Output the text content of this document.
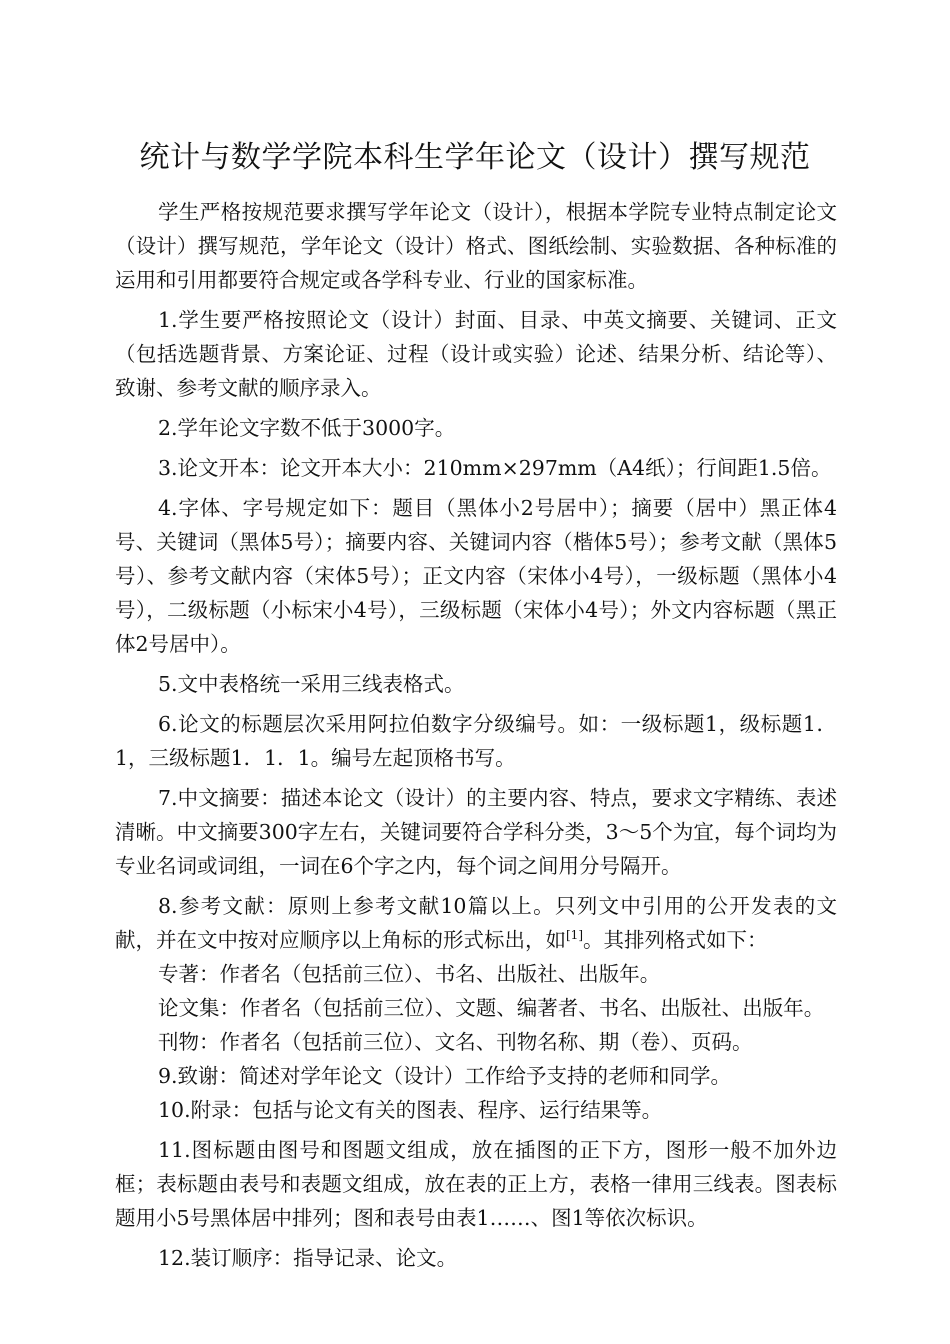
统计与数学学院本科生学年论文（设计）撰写规范

学生严格按规范要求撰写学年论文（设计），根据本学院专业特点制定论文（设计）撰写规范，学年论文（设计）格式、图纸绘制、实验数据、各种标准的运用和引用都要符合规定或各学科专业、行业的国家标准。

1.学生要严格按照论文（设计）封面、目录、中英文摘要、关键词、正文（包括选题背景、方案论证、过程（设计或实验）论述、结果分析、结论等）、致谢、参考文献的顺序录入。

2.学年论文字数不低于3000字。

3.论文开本：论文开本大小：210mm×297mm（A4纸）；行间距1.5倍。

4.字体、字号规定如下：题目（黑体小2号居中）；摘要（居中）黑正体4号、关键词（黑体5号）；摘要内容、关键词内容（楷体5号）；参考文献（黑体5号）、参考文献内容（宋体5号）；正文内容（宋体小4号），一级标题（黑体小4号），二级标题（小标宋小4号），三级标题（宋体小4号）；外文内容标题（黑正体2号居中）。

5.文中表格统一采用三线表格式。

6.论文的标题层次采用阿拉伯数字分级编号。如：一级标题1，级标题1．1，三级标题1．1．1。编号左起顶格书写。

7.中文摘要：描述本论文（设计）的主要内容、特点，要求文字精练、表述清晰。中文摘要300字左右，关键词要符合学科分类，3～5个为宜，每个词均为专业名词或词组，一词在6个字之内，每个词之间用分号隔开。

8.参考文献：原则上参考文献10篇以上。只列文中引用的公开发表的文献，并在文中按对应顺序以上角标的形式标出，如[1]。其排列格式如下：

专著：作者名（包括前三位）、书名、出版社、出版年。

论文集：作者名（包括前三位）、文题、编著者、书名、出版社、出版年。

刊物：作者名（包括前三位）、文名、刊物名称、期（卷）、页码。

9.致谢：简述对学年论文（设计）工作给予支持的老师和同学。

10.附录：包括与论文有关的图表、程序、运行结果等。

11.图标题由图号和图题文组成，放在插图的正下方，图形一般不加外边框；表标题由表号和表题文组成，放在表的正上方，表格一律用三线表。图表标题用小5号黑体居中排列；图和表号由表1……、图1等依次标识。

12.装订顺序：指导记录、论文。
